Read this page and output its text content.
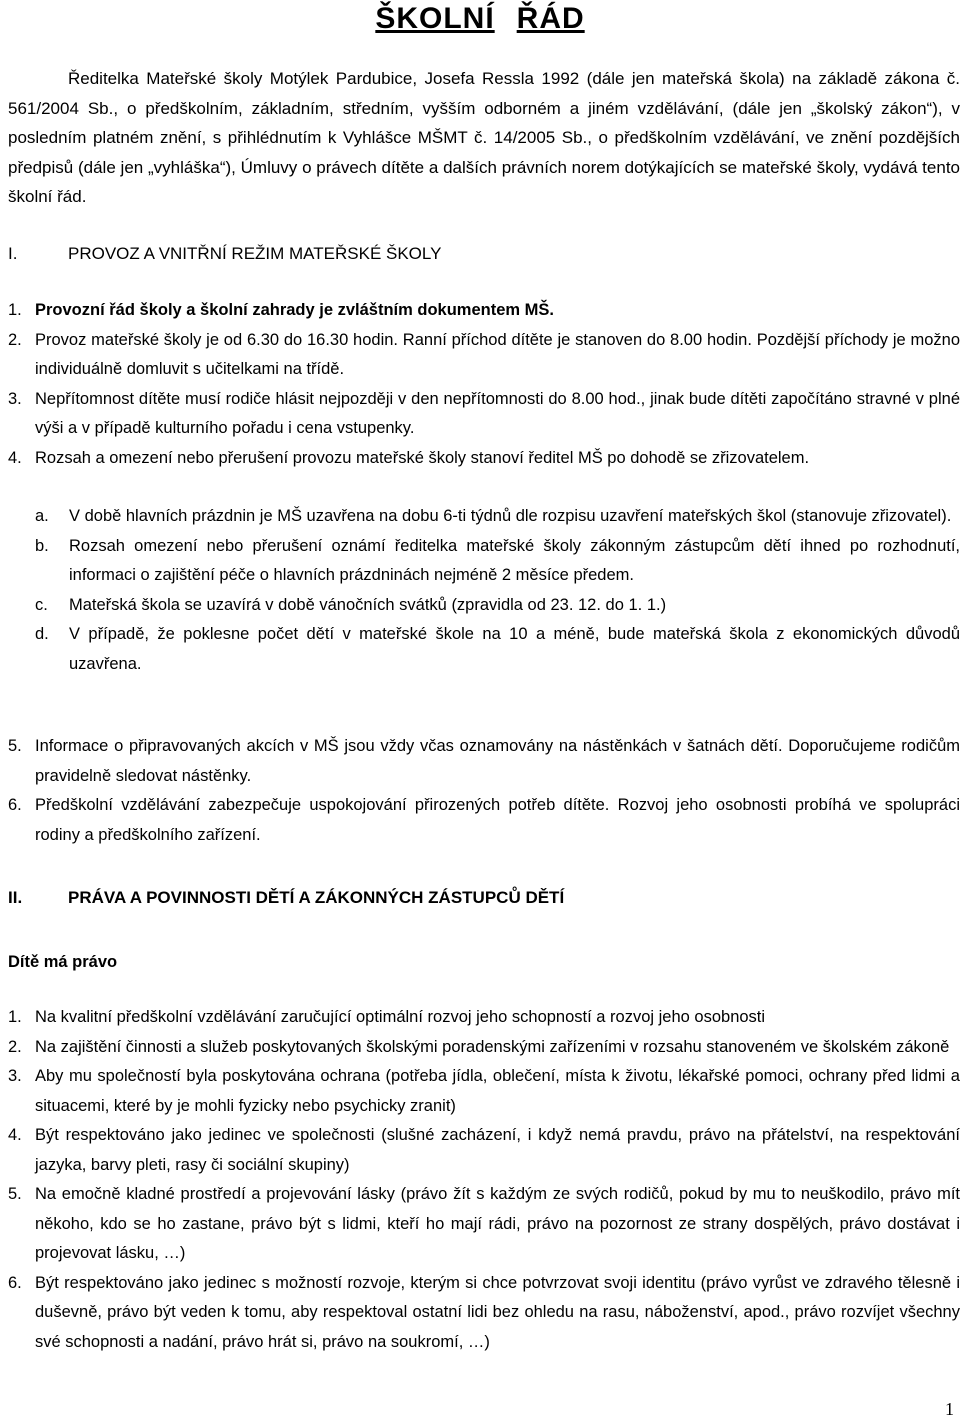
ŠKOLNÍ ŘÁD

Ředitelka Mateřské školy Motýlek Pardubice, Josefa Ressla 1992 (dále jen mateřská škola) na základě zákona č. 561/2004 Sb., o předškolním, základním, středním, vyšším odborném a jiném vzdělávání, (dále jen „školský zákon“), v posledním platném znění, s přihlédnutím k Vyhlášce MŠMT č. 14/2005 Sb., o předškolním vzdělávání, ve znění pozdějších předpisů (dále jen „vyhláška“), Úmluvy o právech dítěte a dalších právních norem dotýkajících se mateřské školy, vydává tento školní řád.

I.	PROVOZ A VNITŘNÍ REŽIM MATEŘSKÉ ŠKOLY
1. Provozní řád školy a školní zahrady je zvláštním dokumentem MŠ.
2. Provoz mateřské školy je od 6.30 do 16.30 hodin. Ranní příchod dítěte je stanoven do 8.00 hodin. Pozdější příchody je možno individuálně domluvit s učitelkami na třídě.
3. Nepřítomnost dítěte musí rodiče hlásit nejpozději v den nepřítomnosti do 8.00 hod., jinak bude dítěti započítáno stravné v plné výši a v případě kulturního pořadu i cena vstupenky.
4. Rozsah a omezení nebo přerušení provozu mateřské školy stanoví ředitel MŠ po dohodě se zřizovatelem.
a. V době hlavních prázdnin je MŠ uzavřena na dobu 6-ti týdnů dle rozpisu uzavření mateřských škol (stanovuje zřizovatel).
b. Rozsah omezení nebo přerušení oznámí ředitelka mateřské školy zákonným zástupcům dětí ihned po rozhodnutí, informaci o zajištění péče o hlavních prázdninách nejméně 2 měsíce předem.
c. Mateřská škola se uzavírá v době vánočních svátků (zpravidla od 23. 12. do 1. 1.)
d. V případě, že poklesne počet dětí v mateřské škole na 10 a méně, bude mateřská škola z ekonomických důvodů uzavřena.
5. Informace o připravovaných akcích v MŠ jsou vždy včas oznamovány na nástěnkách v šatnách dětí. Doporučujeme rodičům pravidelně sledovat nástěnky.
6. Předškolní vzdělávání zabezpečuje uspokojování přirozených potřeb dítěte. Rozvoj jeho osobnosti probíhá ve spolupráci rodiny a předškolního zařízení.
II.	PRÁVA A POVINNOSTI DĚTÍ A ZÁKONNÝCH ZÁSTUPCŮ DĚTÍ

Dítě má právo

1. Na kvalitní předškolní vzdělávání zaručující optimální rozvoj jeho schopností a rozvoj jeho osobnosti
2. Na zajištění činnosti a služeb poskytovaných školskými poradenskými zařízeními v rozsahu stanoveném ve školském zákoně
3. Aby mu společností byla poskytována ochrana (potřeba jídla, oblečení, místa k životu, lékařské pomoci, ochrany před lidmi a situacemi, které by je mohli fyzicky nebo psychicky zranit)
4. Být respektováno jako jedinec ve společnosti (slušné zacházení, i když nemá pravdu, právo na přátelství, na respektování jazyka, barvy pleti, rasy či sociální skupiny)
5. Na emočně kladné prostředí a projevování lásky (právo žít s každým ze svých rodičů, pokud by mu to neuškodilo, právo mít někoho, kdo se ho zastane, právo být s lidmi, kteří ho mají rádi, právo na pozornost ze strany dospělých, právo dostávat i projevovat lásku, …)
6. Být respektováno jako jedinec s možností rozvoje, kterým si chce potvrzovat svoji identitu (právo vyrůst ve zdravého tělesně i duševně, právo být veden k tomu, aby respektoval ostatní lidi bez ohledu na rasu, náboženství, apod., právo rozvíjet všechny své schopnosti a nadání, právo hrát si, právo na soukromí, …)
1
